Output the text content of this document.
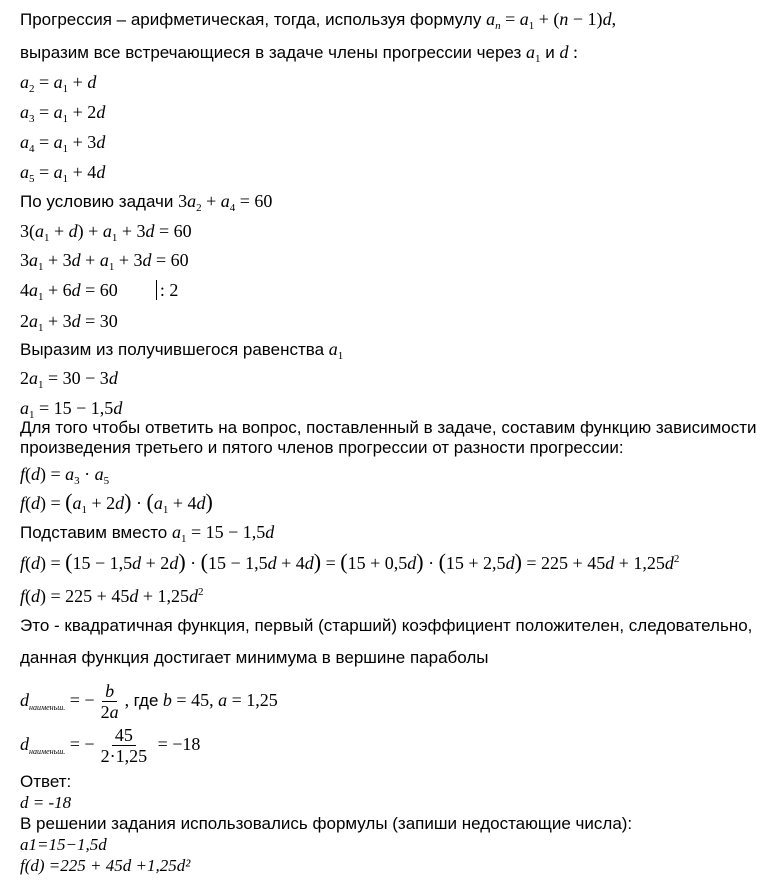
Прогрессия – арифметическая, тогда, используя формулу $a_n = a_1 + (n - 1)d$,
выразим все встречающиеся в задаче члены прогрессии через $a_1$ и d :
$a_2 = a_1 + d$
$a_3 = a_1 + 2d$
$a_4 = a_1 + 3d$
$a_5 = a_1 + 4d$
По условию задачи $3a_2 + a_4 = 60$
$3(a_1 + d) + a_1 + 3d = 60$
$3a_1 + 3d + a_1 + 3d = 60$
$4a_1 + 6d = 60$ : 2
$2a_1 + 3d = 30$
Выразим из получившегося равенства $a_1$
$2a_1 = 30 - 3d$
$a_1 = 15 - 1,5d$
Для того чтобы ответить на вопрос, поставленный в задаче, составим функцию зависимости
произведения третьего и пятого членов прогрессии от разности прогрессии:
$f(d) = a_3 \cdot a_5$
$f(d) = (a_1 + 2d) \cdot (a_1 + 4d)$
Подставим вместо $a_1 = 15 - 1,5d$
$f(d) = (15 - 1,5d + 2d) \cdot (15 - 1,5d + 4d) = (15 + 0,5d) \cdot (15 + 2,5d) = 225 + 45d + 1,25d^2$
$f(d) = 225 + 45d + 1,25d^2$
Это - квадратичная функция, первый (старший) коэффициент положителен, следовательно,
данная функция достигает минимума в вершине параболы
$d_{наименьш.}$ = − $\frac{b}{2a}$ , где b = 45, a = 1,25
$d_{наименьш.}$ = − $\frac{45}{2\cdot 1,25} = -18$
Ответ:
d = -18
В решении задания использовались формулы (запиши недостающие числа):
a1=15−1,5d
f(d) =225 + 45d +1,25d²
